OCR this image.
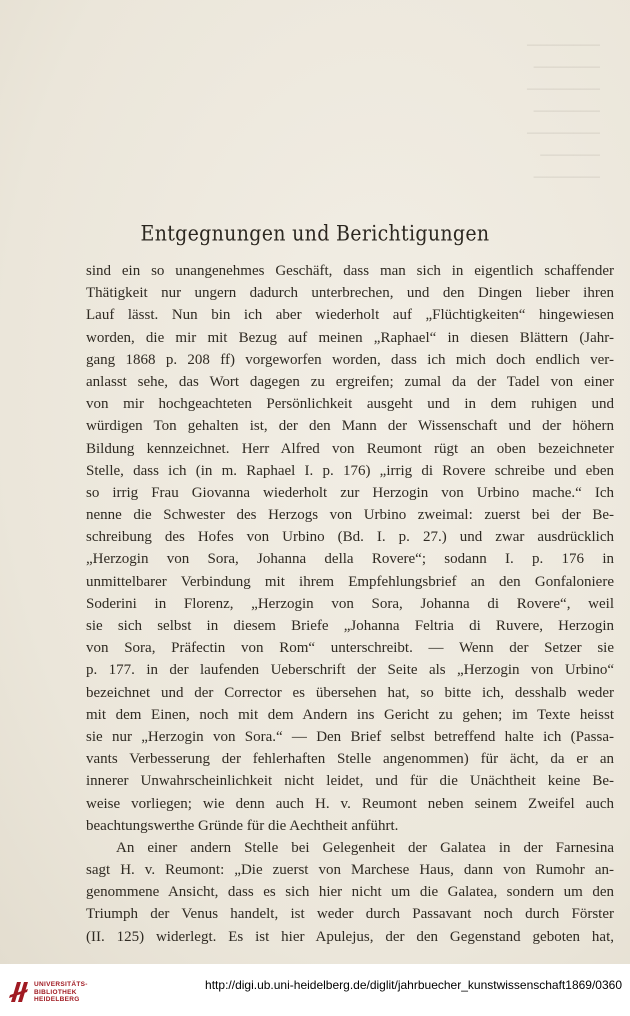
───────────
──────────
───────────
──────────
───────────
─────────
──────────
Entgegnungen und Berichtigungen
sind ein so unangenehmes Geschäft, dass man sich in eigentlich schaffender
Thätigkeit nur ungern dadurch unterbrechen, und den Dingen lieber ihren
Lauf lässt. Nun bin ich aber wiederholt auf „Flüchtigkeiten“ hingewiesen
worden, die mir mit Bezug auf meinen „Raphael“ in diesen Blättern (Jahr-
gang 1868 p. 208 ff) vorgeworfen worden, dass ich mich doch endlich ver-
anlasst sehe, das Wort dagegen zu ergreifen; zumal da der Tadel von einer
von mir hochgeachteten Persönlichkeit ausgeht und in dem ruhigen und
würdigen Ton gehalten ist, der den Mann der Wissenschaft und der höhern
Bildung kennzeichnet. Herr Alfred von Reumont rügt an oben bezeichneter
Stelle, dass ich (in m. Raphael I. p. 176) „irrig di Rovere schreibe und eben
so irrig Frau Giovanna wiederholt zur Herzogin von Urbino mache.“ Ich
nenne die Schwester des Herzogs von Urbino zweimal: zuerst bei der Be-
schreibung des Hofes von Urbino (Bd. I. p. 27.) und zwar ausdrücklich
„Herzogin von Sora, Johanna della Rovere“; sodann I. p. 176 in
unmittelbarer Verbindung mit ihrem Empfehlungsbrief an den Gonfaloniere
Soderini in Florenz, „Herzogin von Sora, Johanna di Rovere“, weil
sie sich selbst in diesem Briefe „Johanna Feltria di Ruvere, Herzogin
von Sora, Präfectin von Rom“ unterschreibt. — Wenn der Setzer sie
p. 177. in der laufenden Ueberschrift der Seite als „Herzogin von Urbino“
bezeichnet und der Corrector es übersehen hat, so bitte ich, desshalb weder
mit dem Einen, noch mit dem Andern ins Gericht zu gehen; im Texte heisst
sie nur „Herzogin von Sora.“ — Den Brief selbst betreffend halte ich (Passa-
vants Verbesserung der fehlerhaften Stelle angenommen) für ächt, da er an
innerer Unwahrscheinlichkeit nicht leidet, und für die Unächtheit keine Be-
weise vorliegen; wie denn auch H. v. Reumont neben seinem Zweifel auch
beachtungswerthe Gründe für die Aechtheit anführt.
An einer andern Stelle bei Gelegenheit der Galatea in der Farnesina
sagt H. v. Reumont: „Die zuerst von Marchese Haus, dann von Rumohr an-
genommene Ansicht, dass es sich hier nicht um die Galatea, sondern um den
Triumph der Venus handelt, ist weder durch Passavant noch durch Förster
(II. 125) widerlegt. Es ist hier Apulejus, der den Gegenstand geboten hat,
UNIVERSITÄTS-
BIBLIOTHEK
HEIDELBERG
http://digi.ub.uni-heidelberg.de/diglit/jahrbuecher_kunstwissenschaft1869/0360
